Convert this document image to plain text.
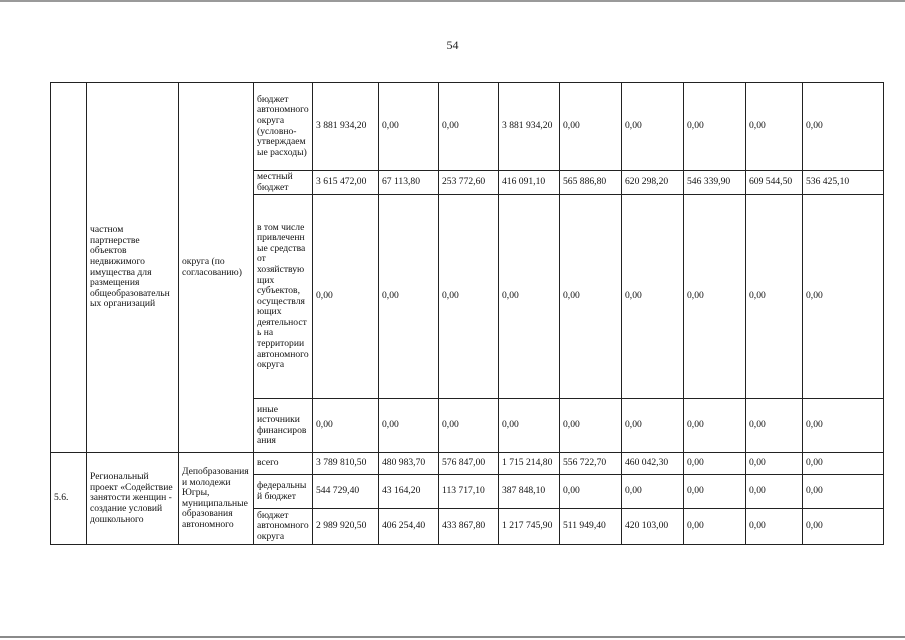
54
	частном партнерстве объектов недвижимого имущества для размещения общеобразовательных организаций	округа (по согласованию)	бюджет автономного округа (условно-утверждаемые расходы)	3 881 934,20	0,00	0,00	3 881 934,20	0,00	0,00	0,00	0,00	0,00
			местный бюджет	3 615 472,00	67 113,80	253 772,60	416 091,10	565 886,80	620 298,20	546 339,90	609 544,50	536 425,10
			в том числе привлеченные средства от хозяйствующих субъектов, осуществляющих деятельность на территории автономного округа	0,00	0,00	0,00	0,00	0,00	0,00	0,00	0,00	0,00
			иные источники финансирования	0,00	0,00	0,00	0,00	0,00	0,00	0,00	0,00	0,00
5.6.	Региональный проект «Содействие занятости женщин - создание условий дошкольного	Депобразования и молодежи Югры, муниципальные образования автономного	всего	3 789 810,50	480 983,70	576 847,00	1 715 214,80	556 722,70	460 042,30	0,00	0,00	0,00
			федеральный бюджет	544 729,40	43 164,20	113 717,10	387 848,10	0,00	0,00	0,00	0,00	0,00
			бюджет автономного округа	2 989 920,50	406 254,40	433 867,80	1 217 745,90	511 949,40	420 103,00	0,00	0,00	0,00
